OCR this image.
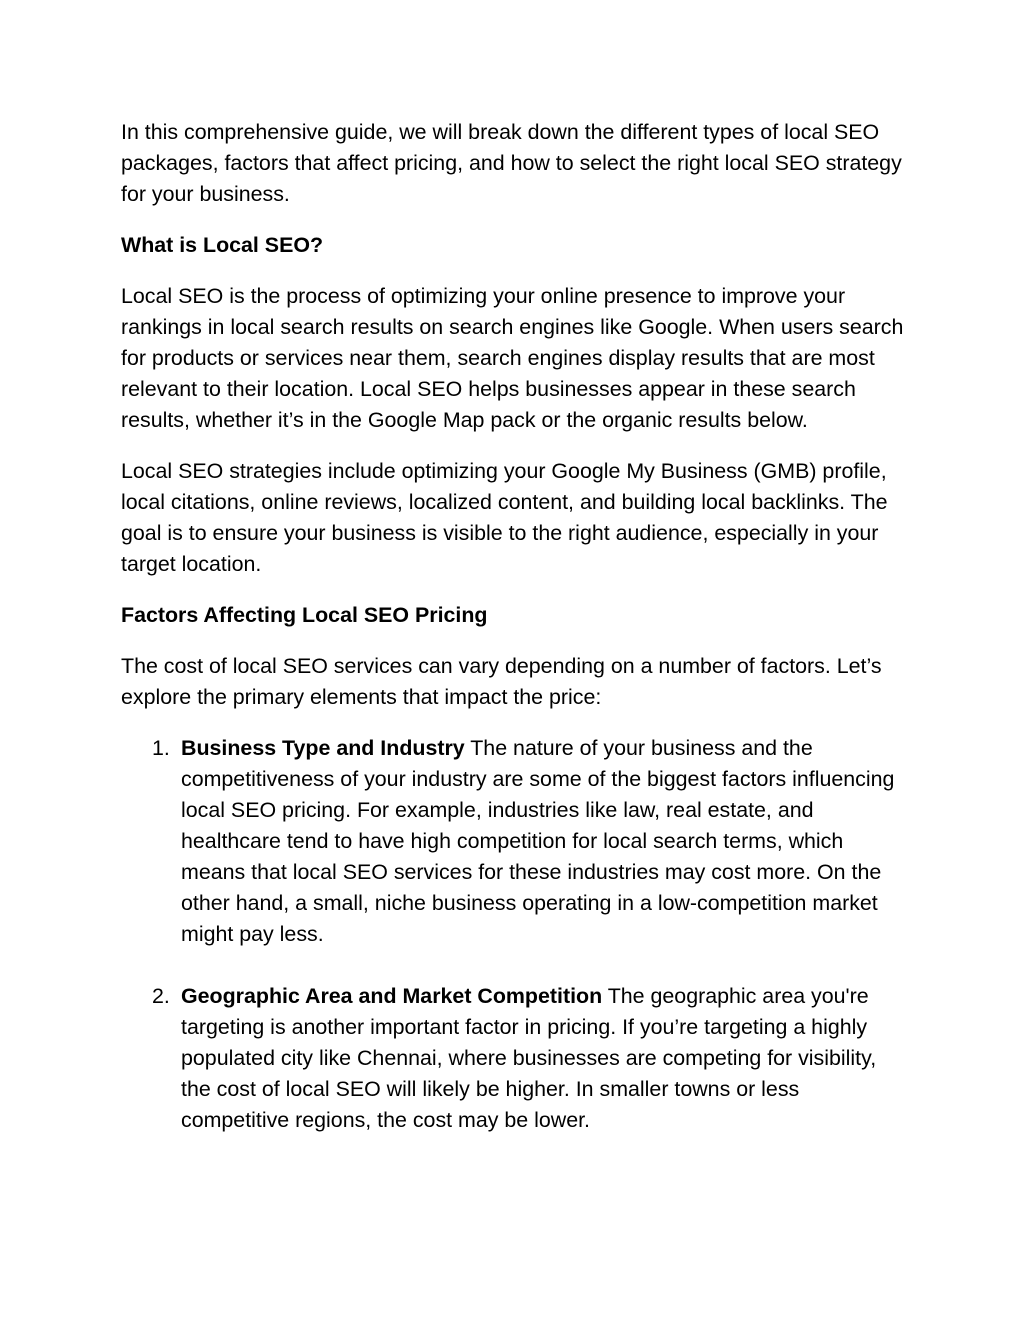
In this comprehensive guide, we will break down the different types of local SEO packages, factors that affect pricing, and how to select the right local SEO strategy for your business.

What is Local SEO?

Local SEO is the process of optimizing your online presence to improve your rankings in local search results on search engines like Google. When users search for products or services near them, search engines display results that are most relevant to their location. Local SEO helps businesses appear in these search results, whether it’s in the Google Map pack or the organic results below.

Local SEO strategies include optimizing your Google My Business (GMB) profile, local citations, online reviews, localized content, and building local backlinks. The goal is to ensure your business is visible to the right audience, especially in your target location.

Factors Affecting Local SEO Pricing

The cost of local SEO services can vary depending on a number of factors. Let’s explore the primary elements that impact the price:

1. Business Type and Industry The nature of your business and the competitiveness of your industry are some of the biggest factors influencing local SEO pricing. For example, industries like law, real estate, and healthcare tend to have high competition for local search terms, which means that local SEO services for these industries may cost more. On the other hand, a small, niche business operating in a low-competition market might pay less.
2. Geographic Area and Market Competition The geographic area you're targeting is another important factor in pricing. If you’re targeting a highly populated city like Chennai, where businesses are competing for visibility, the cost of local SEO will likely be higher. In smaller towns or less competitive regions, the cost may be lower.
